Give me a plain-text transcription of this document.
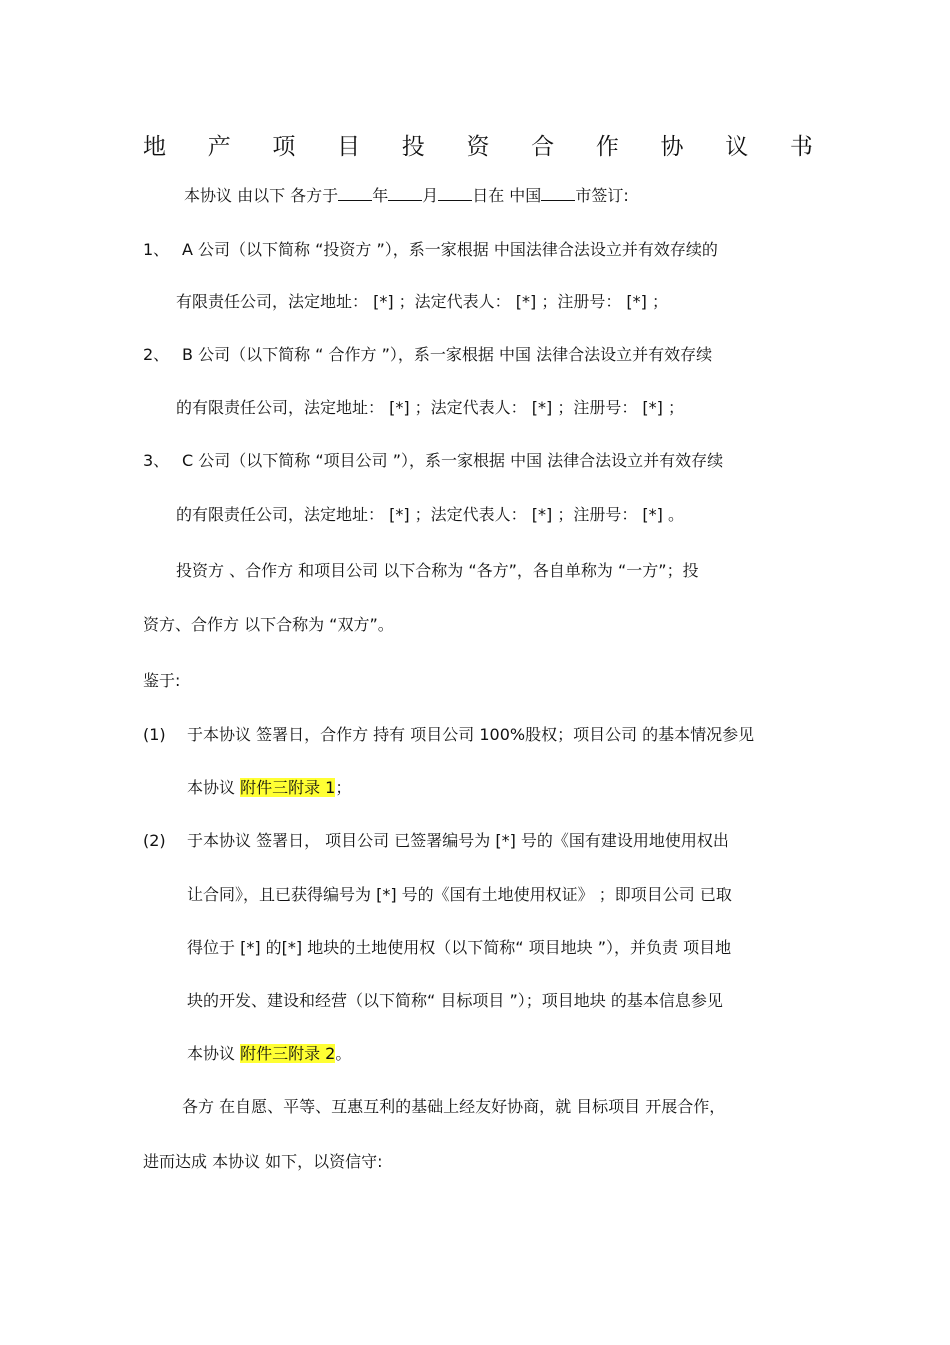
地 产 项 目 投 资 合 作 协 议 书
本协议 由以下 各方于 年 月 日在 中国 市签订:
1、 A 公司（以下简称 “投资方 ”），系一家根据 中国法律合法设立并有效存续的
有限责任公司，法定地址： [*] ；法定代表人： [*] ；注册号： [*] ；
2、 B 公司（以下简称 “ 合作方 ”），系一家根据 中国 法律合法设立并有效存续
的有限责任公司，法定地址： [*] ；法定代表人： [*] ；注册号： [*] ；
3、 C 公司（以下简称 “项目公司 ”），系一家根据 中国 法律合法设立并有效存续
的有限责任公司，法定地址： [*] ；法定代表人： [*] ；注册号： [*] 。
投资方 、合作方 和项目公司 以下合称为 “各方”，各自单称为 “一方”；投
资方、合作方 以下合称为 “双方”。
鉴于:
(1) 于本协议 签署日，合作方 持有 项目公司 100%股权；项目公司 的基本情况参见
本协议 附件三附录 1；
(2) 于本协议 签署日， 项目公司 已签署编号为 [*] 号的《国有建设用地使用权出
让合同》，且已获得编号为 [*] 号的《国有土地使用权证》 ；即项目公司 已取
得位于 [*] 的[*] 地块的土地使用权（以下简称“ 项目地块 ”），并负责 项目地
块的开发、建设和经营（以下简称“ 目标项目 ”）；项目地块 的基本信息参见
本协议 附件三附录 2。
各方 在自愿、平等、互惠互利的基础上经友好协商，就 目标项目 开展合作，
进而达成 本协议 如下，以资信守:
